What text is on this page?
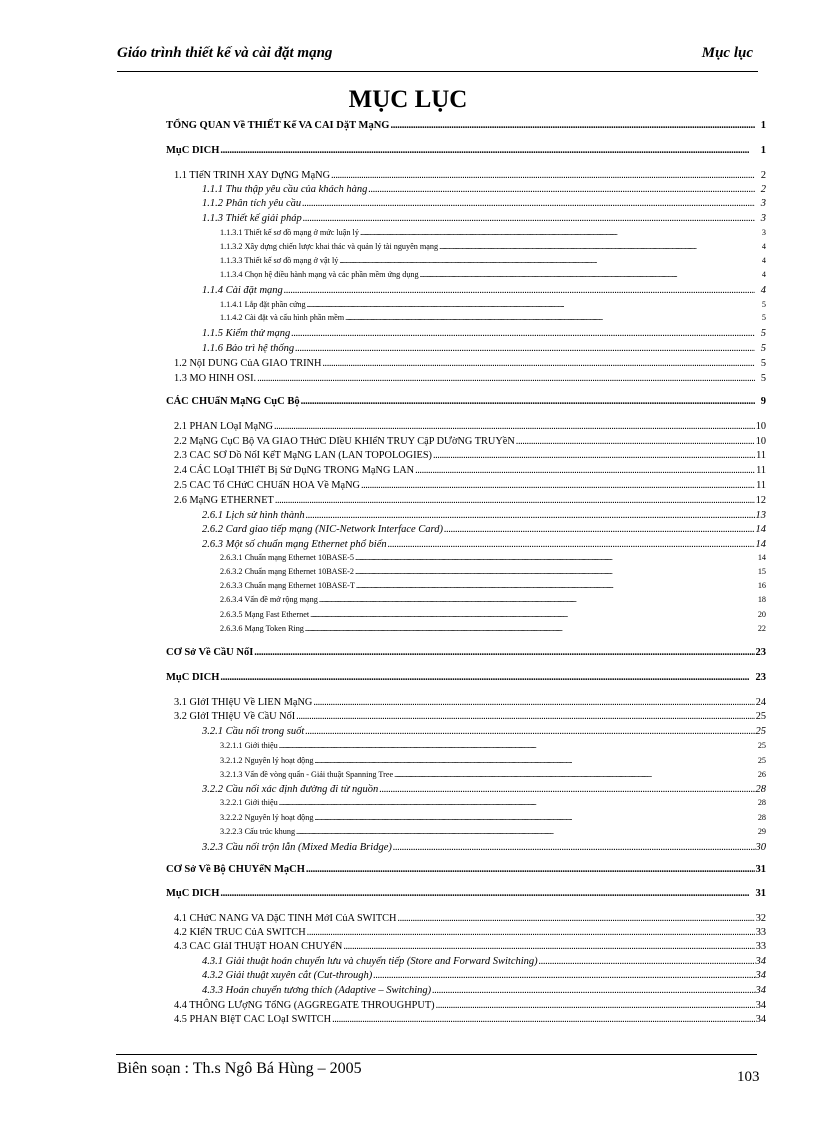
Giáo trình thiết kế và cài đặt mạng	Mục lục
MỤC LỤC
TỔNG QUAN Về THIẾT Kế VA CAI DặT MạNG . . .	1
MụC DICH . . .	1
1.1 TIếN TRINH XAY DựNG MạNG . . .	2
1.1.1 Thu thập yêu cầu của khách hàng . . .	2
1.1.2 Phân tích yêu cầu . . .	3
1.1.3 Thiết kế giải pháp . . .	3
1.1.3.1 Thiết kế sơ đồ mạng ở mức luận lý . . .	3
1.1.3.2 Xây dựng chiến lược khai thác và quản lý tài nguyên mạng . . .	4
1.1.3.3 Thiết kế sơ đồ mạng ở vật lý . . .	4
1.1.3.4 Chọn hệ điều hành mạng và các phần mềm ứng dụng . . .	4
1.1.4 Cài đặt mạng . . .	4
1.1.4.1 Lắp đặt phần cứng . . .	5
1.1.4.2 Cài đặt và cấu hình phần mềm . . .	5
1.1.5 Kiểm thử mạng . . .	5
1.1.6 Bảo trì hệ thống . . .	5
1.2 NộI DUNG CủA GIAO TRINH . . .	5
1.3 MO HINH OSI. . . .	5
CÁC CHUẩN MạNG CụC Bộ . . .	9
2.1 PHAN LOạI MạNG . . .	10
2.2 MạNG CụC Bộ VA GIAO THứC DIềU KHIểN TRUY CậP DƯờNG TRUYềN . . .	10
2.3 CAC SƠ Dồ NốI KếT MạNG LAN (LAN TOPOLOGIES) . . .	11
2.4 CÁC LOạI THIếT Bị Sử DụNG TRONG MạNG LAN . . .	11
2.5 CAC Tổ CHứC CHUẩN HOA Về MạNG . . .	11
2.6 MạNG ETHERNET . . .	12
2.6.1 Lịch sử hình thành . . .	13
2.6.2 Card giao tiếp mạng (NIC-Network Interface Card) . . .	14
2.6.3 Một số chuẩn mạng Ethernet phổ biến . . .	14
2.6.3.1 Chuẩn mạng Ethernet 10BASE-5 . . .	14
2.6.3.2 Chuẩn mạng Ethernet 10BASE-2 . . .	15
2.6.3.3 Chuẩn mạng Ethernet 10BASE-T . . .	16
2.6.3.4 Vấn đề mở rộng mạng . . .	18
2.6.3.5 Mạng Fast Ethernet . . .	20
2.6.3.6 Mạng Token Ring . . .	22
CƠ Sở Về CầU NốI . . .	23
MụC DICH . . .	23
3.1 GIớI THIệU Về LIEN MạNG . . .	24
3.2 GIớI THIệU Về CầU NốI . . .	25
3.2.1 Cầu nối trong suốt . . .	25
3.2.1.1 Giới thiệu . . .	25
3.2.1.2 Nguyên lý hoạt động . . .	25
3.2.1.3 Vấn đề vòng quẩn - Giải thuật Spanning Tree . . .	26
3.2.2 Cầu nối xác định đường đi từ nguồn . . .	28
3.2.2.1 Giới thiệu . . .	28
3.2.2.2 Nguyên lý hoạt động . . .	28
3.2.2.3 Cấu trúc khung . . .	29
3.2.3 Cầu nối trộn lẫn (Mixed Media Bridge) . . .	30
CƠ Sở Về Bộ CHUYểN MạCH . . .	31
MụC DICH . . .	31
4.1 CHứC NANG VA DặC TINH MớI CủA SWITCH . . .	32
4.2 KIếN TRUC CủA SWITCH . . .	33
4.3 CAC GIảI THUậT HOAN CHUYểN . . .	33
4.3.1 Giải thuật hoán chuyển lưu và chuyển tiếp (Store and Forward Switching) . . .	34
4.3.2 Giải thuật xuyên cắt (Cut-through) . . .	34
4.3.3 Hoán chuyển tương thích (Adaptive – Switching) . . .	34
4.4 THÔNG LƯợNG TổNG (AGGREGATE THROUGHPUT) . . .	34
4.5 PHAN BIệT CAC LOạI SWITCH . . .	34
Biên soạn : Th.s Ngô Bá Hùng – 2005	103
